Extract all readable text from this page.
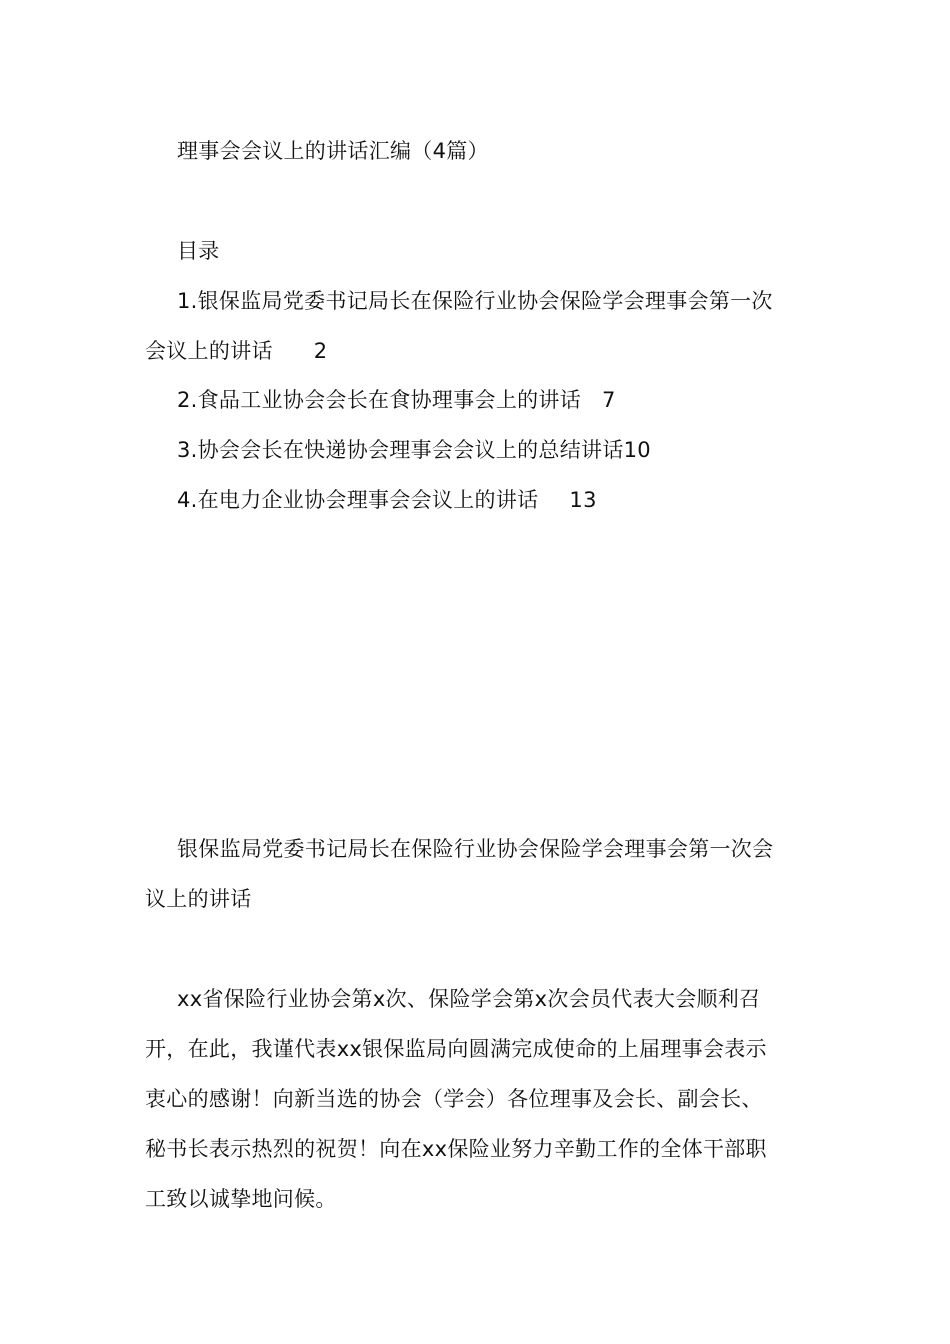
理事会会议上的讲话汇编（4篇）
目录
1.银保监局党委书记局长在保险行业协会保险学会理事会第一次
会议上的讲话 2
2.食品工业协会会长在食协理事会上的讲话 7
3.协会会长在快递协会理事会会议上的总结讲话10
4.在电力企业协会理事会会议上的讲话 13
银保监局党委书记局长在保险行业协会保险学会理事会第一次会
议上的讲话
xx省保险行业协会第x次、保险学会第x次会员代表大会顺利召
开，在此，我谨代表xx银保监局向圆满完成使命的上届理事会表示
衷心的感谢！向新当选的协会（学会）各位理事及会长、副会长、
秘书长表示热烈的祝贺！向在xx保险业努力辛勤工作的全体干部职
工致以诚挚地问候。
